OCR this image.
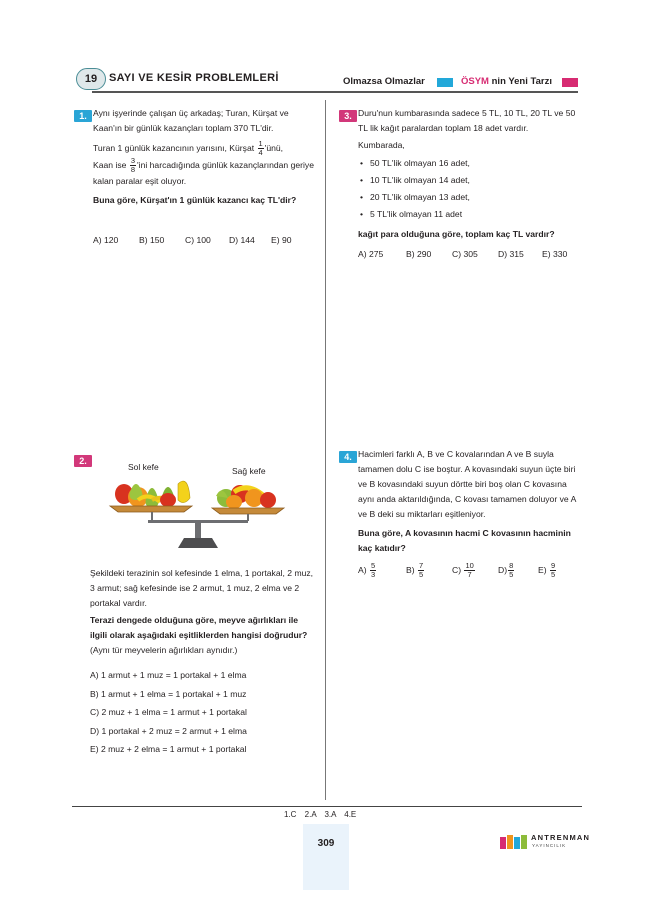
19	SAYI VE KESİR PROBLEMLERİ	Olmazsa Olmazlar	ÖSYM nin Yeni Tarzı
1. Aynı işyerinde çalışan üç arkadaş; Turan, Kürşat ve Kaan'ın bir günlük kazançları toplam 370 TL'dir.
Turan 1 günlük kazancının yarısını, Kürşat $\frac{1}{4}$ 'ünü,
Kaan ise $\frac{3}{8}$ 'ini harcadığında günlük kazançlarından geriye kalan paralar eşit oluyor.
Buna göre, Kürşat'ın 1 günlük kazancı kaç TL'dir?
A) 120	B) 150	C) 100	D) 144	E) 90
3. Duru'nun kumbarasında sadece 5 TL, 10 TL, 20 TL ve 50 TL lik kağıt paralardan toplam 18 adet vardır.
Kumbarada,
• 50 TL'lik olmayan 16 adet,
• 10 TL'lik olmayan 14 adet,
• 20 TL'lik olmayan 13 adet,
• 5 TL'lik olmayan 11 adet
kağıt para olduğuna göre, toplam kaç TL vardır?
A) 275	B) 290	C) 305	D) 315	E) 330
2.
Sol kefe	Sağ kefe
Şekildeki terazinin sol kefesinde 1 elma, 1 portakal, 2 muz, 3 armut; sağ kefesinde ise 2 armut, 1 muz, 2 elma ve 2 portakal vardır.
Terazi dengede olduğuna göre, meyve ağırlıkları ile ilgili olarak aşağıdaki eşitliklerden hangisi doğrudur? (Aynı tür meyvelerin ağırlıkları aynıdır.)
A) 1 armut + 1 muz = 1 portakal + 1 elma
B) 1 armut + 1 elma = 1 portakal + 1 muz
C) 2 muz + 1 elma = 1 armut + 1 portakal
D) 1 portakal + 2 muz = 2 armut + 1 elma
E) 2 muz + 2 elma = 1 armut + 1 portakal
4. Hacimleri farklı A, B ve C kovalarından A ve B suyla tamamen dolu C ise boştur. A kovasındaki suyun üçte biri ve B kovasındaki suyun dörtte biri boş olan C kovasına aynı anda aktarıldığında, C kovası tamamen doluyor ve A ve B deki su miktarları eşitleniyor.
Buna göre, A kovasının hacmi C kovasının hacminin kaç katıdır?
$A) \frac{5}{3}$	$B) \frac{7}{5}$	$C) \frac{10}{7}$	$D) \frac{8}{5}$	$E) \frac{9}{5}$
1.C 2.A 3.A 4.E
309
ANTRENMAN
YAYINCILIK
